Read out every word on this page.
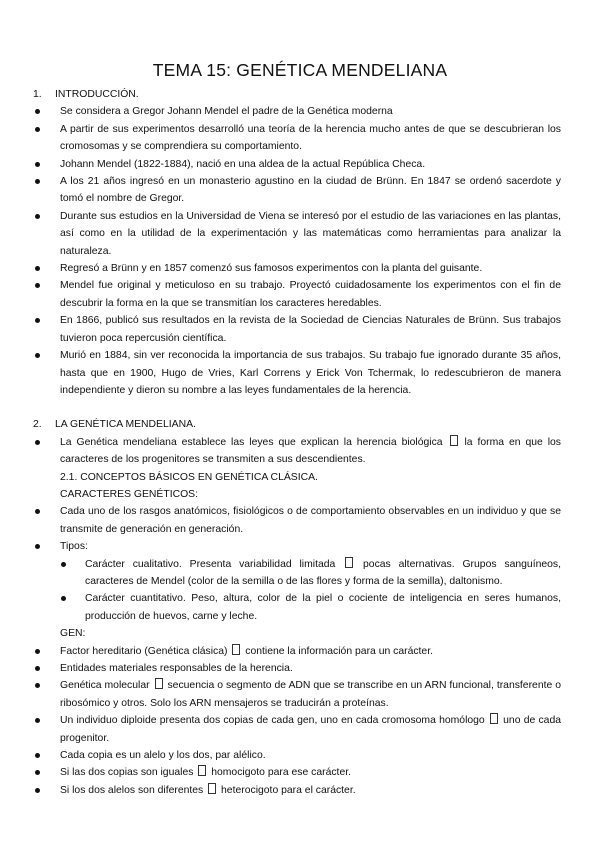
TEMA 15: GENÉTICA MENDELIANA
1. INTRODUCCIÓN.
Se considera a Gregor Johann Mendel el padre de la Genética moderna
A partir de sus experimentos desarrolló una teoría de la herencia mucho antes de que se descubrieran los cromosomas y se comprendiera su comportamiento.
Johann Mendel (1822-1884), nació en una aldea de la actual República Checa.
A los 21 años ingresó en un monasterio agustino en la ciudad de Brünn. En 1847 se ordenó sacerdote y tomó el nombre de Gregor.
Durante sus estudios en la Universidad de Viena se interesó por el estudio de las variaciones en las plantas, así como en la utilidad de la experimentación y las matemáticas como herramientas para analizar la naturaleza.
Regresó a Brünn y en 1857 comenzó sus famosos experimentos con la planta del guisante.
Mendel fue original y meticuloso en su trabajo. Proyectó cuidadosamente los experimentos con el fin de descubrir la forma en la que se transmitían los caracteres heredables.
En 1866, publicó sus resultados en la revista de la Sociedad de Ciencias Naturales de Brünn. Sus trabajos tuvieron poca repercusión científica.
Murió en 1884, sin ver reconocida la importancia de sus trabajos. Su trabajo fue ignorado durante 35 años, hasta que en 1900, Hugo de Vries, Karl Correns y Erick Von Tchermak, lo redescubrieron de manera independiente y dieron su nombre a las leyes fundamentales de la herencia.
2. LA GENÉTICA MENDELIANA.
La Genética mendeliana establece las leyes que explican la herencia biológica la forma en que los caracteres de los progenitores se transmiten a sus descendientes.
2.1. CONCEPTOS BÁSICOS EN GENÉTICA CLÁSICA.
CARACTERES GENÉTICOS:
Cada uno de los rasgos anatómicos, fisiológicos o de comportamiento observables en un individuo y que se transmite de generación en generación.
Tipos:
Carácter cualitativo. Presenta variabilidad limitada	pocas alternativas. Grupos sanguíneos, caracteres de Mendel (color de la semilla o de las flores y forma de la semilla), daltonismo.
Carácter cuantitativo. Peso, altura, color de la piel o cociente de inteligencia en seres humanos, producción de huevos, carne y leche.
GEN:
Factor hereditario (Genética clásica) contiene la información para un carácter.
Entidades materiales responsables de la herencia.
Genética molecular secuencia o segmento de ADN que se transcribe en un ARN funcional, transferente o ribosómico y otros. Solo los ARN mensajeros se traducirán a proteínas.
Un individuo diploide presenta dos copias de cada gen, uno en cada cromosoma homólogo uno de cada progenitor.
Cada copia es un alelo y los dos, par alélico.
Si las dos copias son iguales homocigoto para ese carácter.
Si los dos alelos son diferentes heterocigoto para el carácter.
